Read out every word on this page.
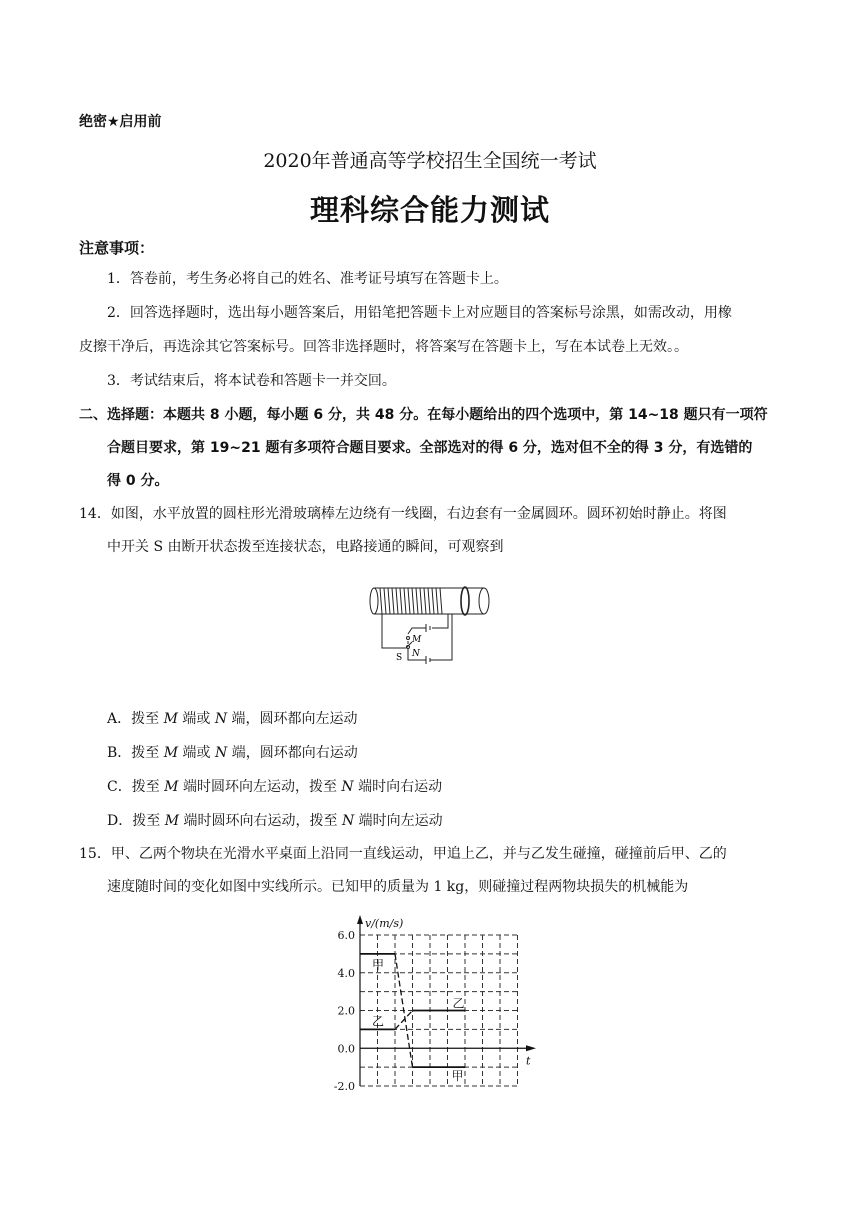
绝密★启用前
2020年普通高等学校招生全国统一考试
理科综合能力测试
注意事项：
1．答卷前，考生务必将自己的姓名、准考证号填写在答题卡上。
2．回答选择题时，选出每小题答案后，用铅笔把答题卡上对应题目的答案标号涂黑，如需改动，用橡
皮擦干净后，再选涂其它答案标号。回答非选择题时，将答案写在答题卡上，写在本试卷上无效。。
3．考试结束后，将本试卷和答题卡一并交回。
二、选择题：本题共 8 小题，每小题 6 分，共 48 分。在每小题给出的四个选项中，第 14~18 题只有一项符
合题目要求，第 19~21 题有多项符合题目要求。全部选对的得 6 分，选对但不全的得 3 分，有选错的
得 0 分。
14．如图，水平放置的圆柱形光滑玻璃棒左边绕有一线圈，右边套有一金属圆环。圆环初始时静止。将图
中开关 S 由断开状态拨至连接状态，电路接通的瞬间，可观察到
M
N
S
A．拨至 M 端或 N 端，圆环都向左运动
B．拨至 M 端或 N 端，圆环都向右运动
C．拨至 M 端时圆环向左运动，拨至 N 端时向右运动
D．拨至 M 端时圆环向右运动，拨至 N 端时向左运动
15．甲、乙两个物块在光滑水平桌面上沿同一直线运动，甲追上乙，并与乙发生碰撞，碰撞前后甲、乙的
速度随时间的变化如图中实线所示。已知甲的质量为 1 kg，则碰撞过程两物块损失的机械能为
6.0
4.0
2.0
0.0
-2.0
v/(m/s)
t
甲
乙
乙
甲
